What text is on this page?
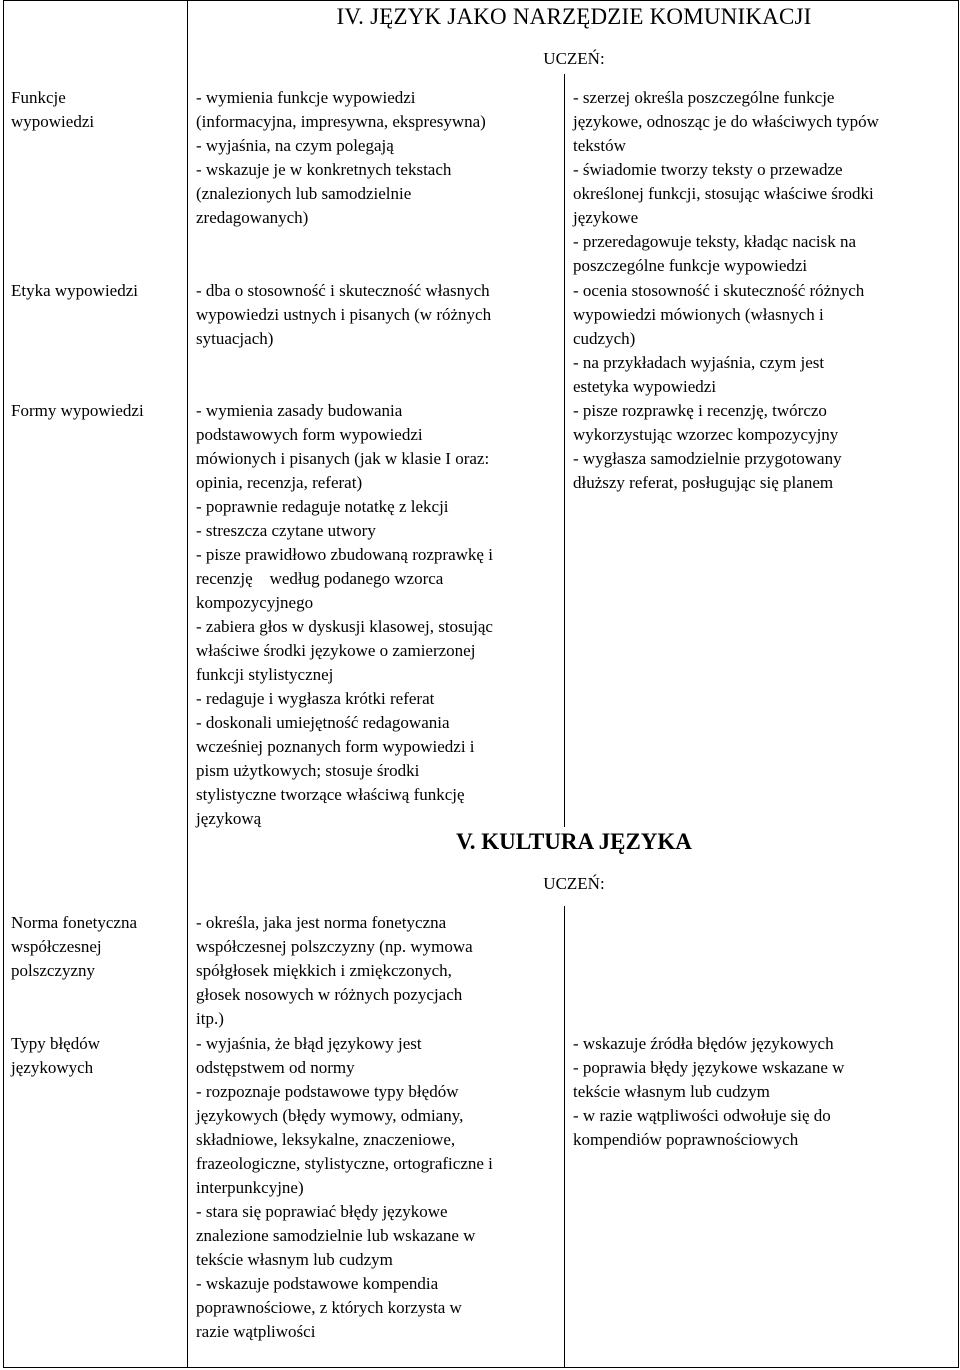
IV. JĘZYK JAKO NARZĘDZIE KOMUNIKACJI
UCZEŃ:
Funkcje
wypowiedzi
- wymienia funkcje wypowiedzi
(informacyjna, impresywna, ekspresywna)
- wyjaśnia, na czym polegają
- wskazuje je w konkretnych tekstach
(znalezionych lub samodzielnie
zredagowanych)
- szerzej określa poszczególne funkcje
językowe, odnosząc je do właściwych typów
tekstów
- świadomie tworzy teksty o przewadze
określonej funkcji, stosując właściwe środki
językowe
- przeredagowuje teksty, kładąc nacisk na
poszczególne funkcje wypowiedzi
Etyka wypowiedzi	- dba o stosowność i skuteczność własnych
wypowiedzi ustnych i pisanych (w różnych
sytuacjach)
- ocenia stosowność i skuteczność różnych
wypowiedzi mówionych (własnych i
cudzych)
- na przykładach wyjaśnia, czym jest
estetyka wypowiedzi
Formy wypowiedzi	- wymienia zasady budowania
podstawowych form wypowiedzi
mówionych i pisanych (jak w klasie I oraz:
opinia, recenzja, referat)
- poprawnie redaguje notatkę z lekcji
- streszcza czytane utwory
- pisze prawidłowo zbudowaną rozprawkę i
recenzję    według podanego wzorca
kompozycyjnego
- zabiera głos w dyskusji klasowej, stosując
właściwe środki językowe o zamierzonej
funkcji stylistycznej
- redaguje i wygłasza krótki referat
- doskonali umiejętność redagowania
wcześniej poznanych form wypowiedzi i
pism użytkowych; stosuje środki
stylistyczne tworzące właściwą funkcję
językową
- pisze rozprawkę i recenzję, twórczo
wykorzystując wzorzec kompozycyjny
- wygłasza samodzielnie przygotowany
dłuższy referat, posługując się planem
V. KULTURA JĘZYKA
UCZEŃ:
Norma fonetyczna
współczesnej
polszczyzny
- określa, jaka jest norma fonetyczna
współczesnej polszczyzny (np. wymowa
spółgłosek miękkich i zmiękczonych,
głosek nosowych w różnych pozycjach
itp.)
Typy błędów
językowych
- wyjaśnia, że błąd językowy jest
odstępstwem od normy
- rozpoznaje podstawowe typy błędów
językowych (błędy wymowy, odmiany,
składniowe, leksykalne, znaczeniowe,
frazeologiczne, stylistyczne, ortograficzne i
interpunkcyjne)
- stara się poprawiać błędy językowe
znalezione samodzielnie lub wskazane w
tekście własnym lub cudzym
- wskazuje podstawowe kompendia
poprawnościowe, z których korzysta w
razie wątpliwości
- wskazuje źródła błędów językowych
- poprawia błędy językowe wskazane w
tekście własnym lub cudzym
- w razie wątpliwości odwołuje się do
kompendiów poprawnościowych
